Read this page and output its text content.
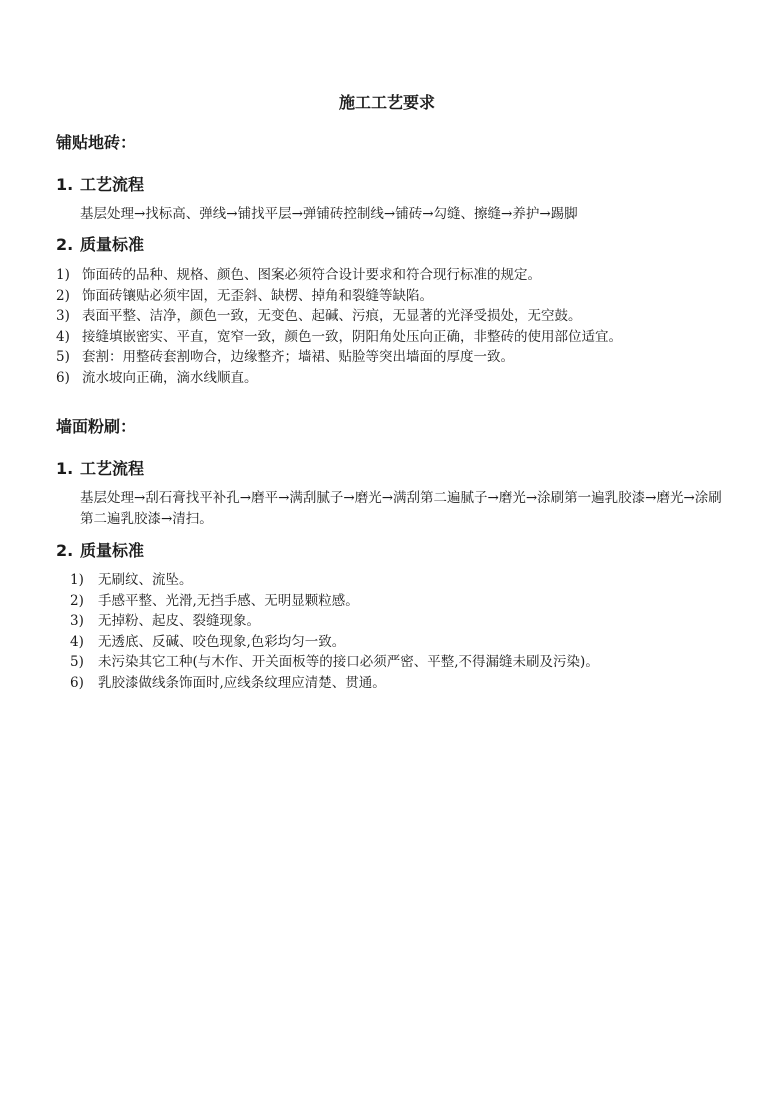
施工工艺要求
铺贴地砖：
1. 工艺流程
基层处理→找标高、弹线→铺找平层→弹铺砖控制线→铺砖→勾缝、擦缝→养护→踢脚
2. 质量标准
1) 饰面砖的品种、规格、颜色、图案必须符合设计要求和符合现行标准的规定。
2) 饰面砖镶贴必须牢固，无歪斜、缺楞、掉角和裂缝等缺陷。
3) 表面平整、洁净，颜色一致，无变色、起碱、污痕，无显著的光泽受损处，无空鼓。
4) 接缝填嵌密实、平直，宽窄一致，颜色一致，阴阳角处压向正确，非整砖的使用部位适宜。
5) 套割：用整砖套割吻合，边缘整齐；墙裙、贴脸等突出墙面的厚度一致。
6) 流水坡向正确，滴水线顺直。
墙面粉刷：
1. 工艺流程
基层处理→刮石膏找平补孔→磨平→满刮腻子→磨光→满刮第二遍腻子→磨光→涂刷第一遍乳胶漆→磨光→涂刷第二遍乳胶漆→清扫。
2. 质量标准
1) 无刷纹、流坠。
2) 手感平整、光滑,无挡手感、无明显颗粒感。
3) 无掉粉、起皮、裂缝现象。
4) 无透底、反碱、咬色现象,色彩均匀一致。
5) 未污染其它工种(与木作、开关面板等的接口必须严密、平整,不得漏缝未刷及污染)。
6) 乳胶漆做线条饰面时,应线条纹理应清楚、贯通。
